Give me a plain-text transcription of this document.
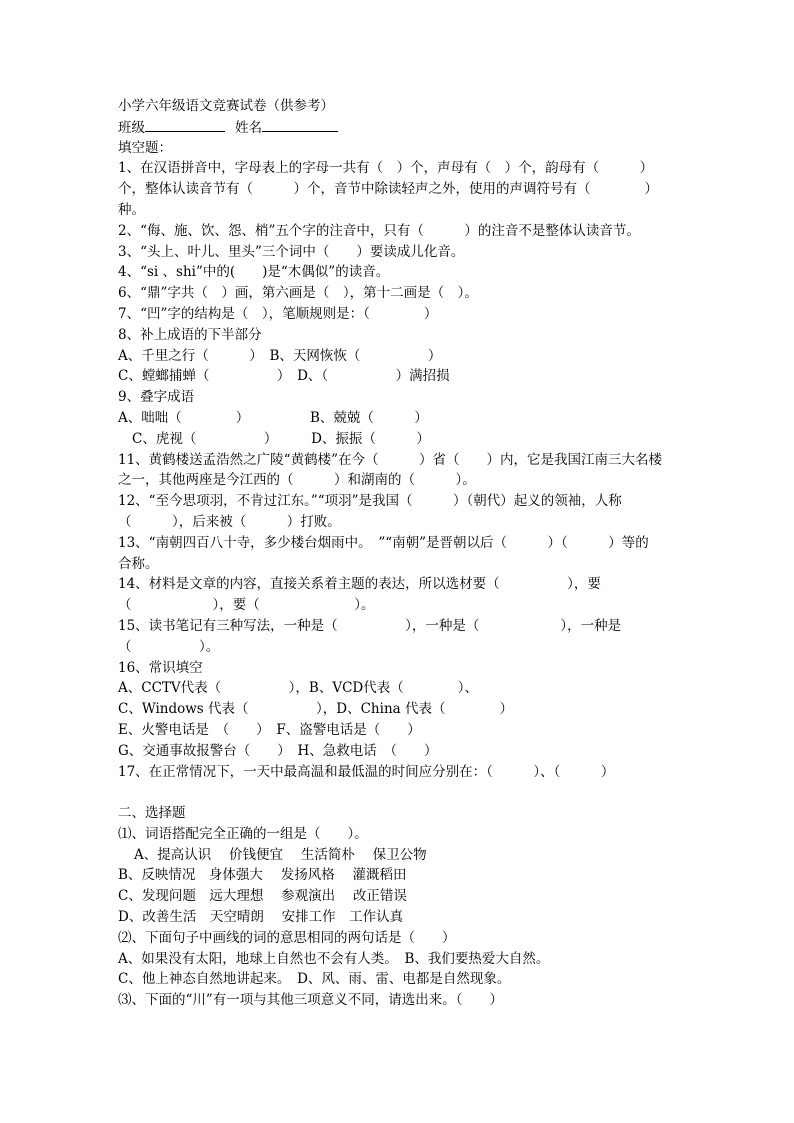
小学六年级语文竞赛试卷（供参考）
班级	姓名
填空题：
1、在汉语拼音中，字母表上的字母一共有（　）个，声母有（　）个，韵母有（　　　）
个，整体认读音节有（　　　）个，音节中除读轻声之外，使用的声调符号有（　　　　）
种。
2、“侮、施、饮、怨、梢”五个字的注音中，只有（　　　）的注音不是整体认读音节。
3、“头上、叶儿、里头”三个词中（　　）要读成儿化音。
4、“si 、shi”中的(　　)是“木偶似”的读音。
6、“鼎”字共（　）画，第六画是（　），第十二画是（　）。
7、“凹”字的结构是（　），笔顺规则是：（　　　　）
8、补上成语的下半部分
A、千里之行（　　　）　B、天网恢恢（　　　　　）
C、螳螂捕蝉（　　　　　）　D、（　　　　　）满招损
9、叠字成语
A、咄咄（　　　　）　　　　　B、兢兢（　　　）
C、虎视（　　　　　）　　　D、振振（　　　）
11、黄鹤楼送孟浩然之广陵“黄鹤楼”在今（　　　）省（　　）内，它是我国江南三大名楼
之一，其他两座是今江西的（　　　）和湖南的（　　　）。
12、“至今思项羽，不肯过江东。”“项羽”是我国（　　　）（朝代）起义的领袖，人称
（　　　），后来被（　　　）打败。
13、“南朝四百八十寺，多少楼台烟雨中。　”“南朝”是晋朝以后（　　　）（　　　）等的
合称。
14、材料是文章的内容，直接关系着主题的表达，所以选材要（　　　　　），要
（　　　　　　），要（　　　　　　　）。
15、读书笔记有三种写法，一种是（　　　　　），一种是（　　　　　　），一种是
（　　　　　）。
16、常识填空
A、CCTV代表（　　　　　），B、VCD代表（　　　　）、
C、Windows 代表（　　　　　），D、China 代表（　　　　）
E、火警电话是　（　　）　F、盗警电话是（　　）
G、交通事故报警台（　　）　H、急救电话　（　　）
17、在正常情况下，一天中最高温和最低温的时间应分别在：（　　　）、（　　　）
二、选择题
⑴、词语搭配完全正确的一组是（　　）。
A、提高认识　 价钱便宜　 生活简朴　 保卫公物
B、反映情况　身体强大　 发扬风格　 灌溉稻田
C、发现问题　远大理想　 参观演出　 改正错误
D、改善生活　天空晴朗　 安排工作　工作认真
⑵、下面句子中画线的词的意思相同的两句话是（　　）
A、如果没有太阳，地球上自然也不会有人类。　B、我们要热爱大自然。
C、他上神态自然地讲起来。　D、风、雨、雷、电都是自然现象。
⑶、下面的“川”有一项与其他三项意义不同，请选出来。（　　）
